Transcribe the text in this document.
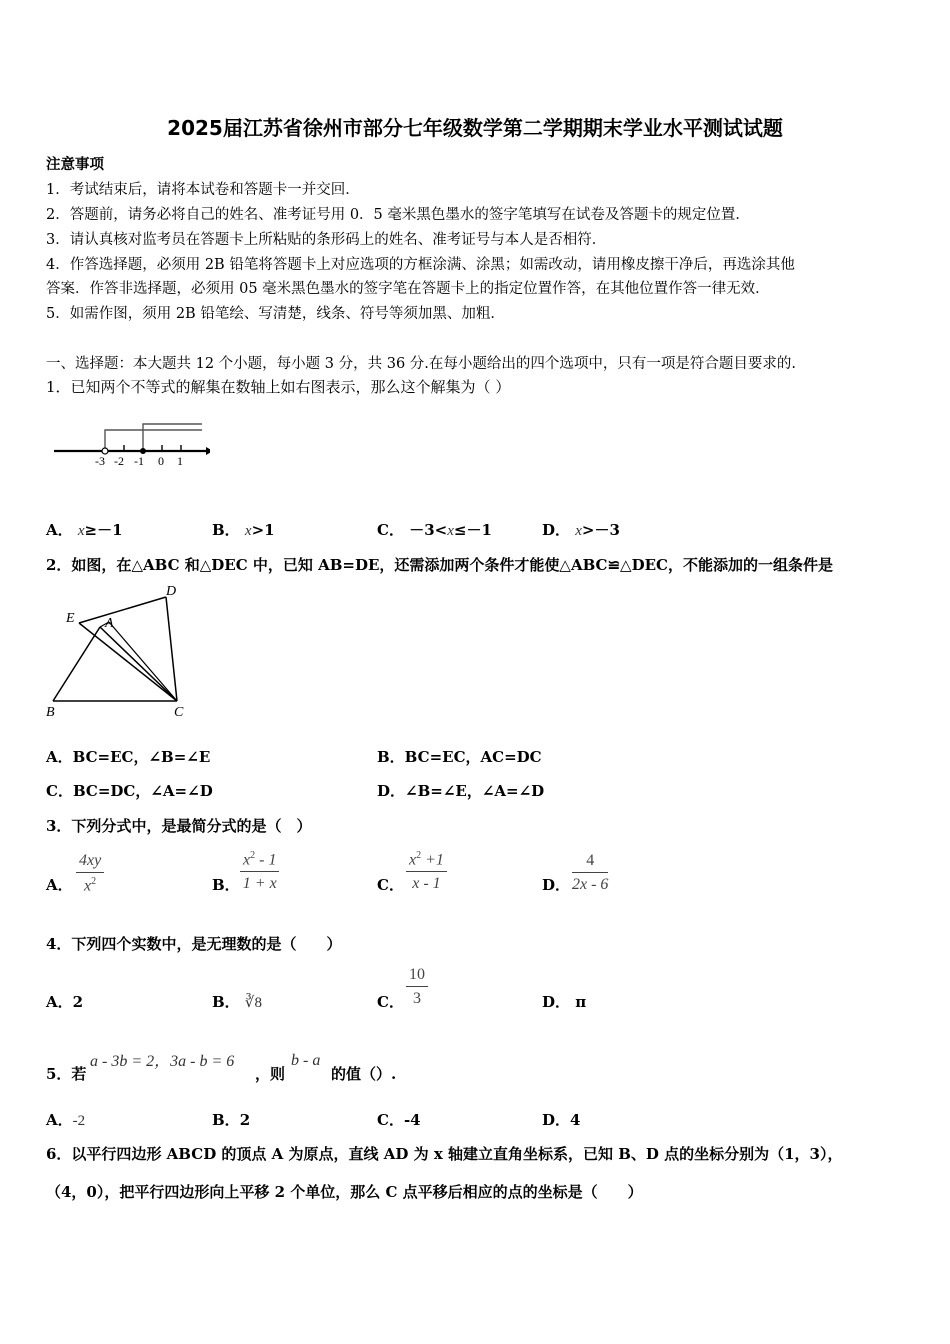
2025届江苏省徐州市部分七年级数学第二学期期末学业水平测试试题
注意事项
1．考试结束后，请将本试卷和答题卡一并交回．
2．答题前，请务必将自己的姓名、准考证号用 0．5 毫米黑色墨水的签字笔填写在试卷及答题卡的规定位置．
3．请认真核对监考员在答题卡上所粘贴的条形码上的姓名、准考证号与本人是否相符．
4．作答选择题，必须用 2B 铅笔将答题卡上对应选项的方框涂满、涂黑；如需改动，请用橡皮擦干净后，再选涂其他
答案．作答非选择题，必须用 05 毫米黑色墨水的签字笔在答题卡上的指定位置作答，在其他位置作答一律无效．
5．如需作图，须用 2B 铅笔绘、写清楚，线条、符号等须加黑、加粗．
一、选择题：本大题共 12 个小题，每小题 3 分，共 36 分.在每小题给出的四个选项中，只有一项是符合题目要求的.
1．已知两个不等式的解集在数轴上如右图表示，那么这个解集为（ ）
-3 -2 -1 0 1
A． x≥－1	B． x>1	C． －3<x≤－1	D． x>－3
2．如图，在△ABC 和△DEC 中，已知 AB=DE，还需添加两个条件才能使△ABC≌△DEC，不能添加的一组条件是
D
E A
B	C
A．BC=EC，∠B=∠E	B．BC=EC，AC=DC
C．BC=DC，∠A=∠D	D．∠B=∠E，∠A=∠D
3．下列分式中，是最简分式的是（　）
A． $\frac{4xy}{x^2}$	B． $\frac{x^2 - 1}{1 + x}$	C． $\frac{x^2 +1}{x - 1}$	D． $\frac{4}{2x - 6}$
4．下列四个实数中，是无理数的是（　　）
A．2	B． ∛8	C． $\frac{10}{3}$	D． π
5．若
a - 3b = 2，3a - b = 6
，则
b - a
的值（）.
A．-2	B．2	C．-4	D．4
6．以平行四边形 ABCD 的顶点 A 为原点，直线 AD 为 x 轴建立直角坐标系，已知 B、D 点的坐标分别为（1，3），
（4，0），把平行四边形向上平移 2 个单位，那么 C 点平移后相应的点的坐标是（　　）
